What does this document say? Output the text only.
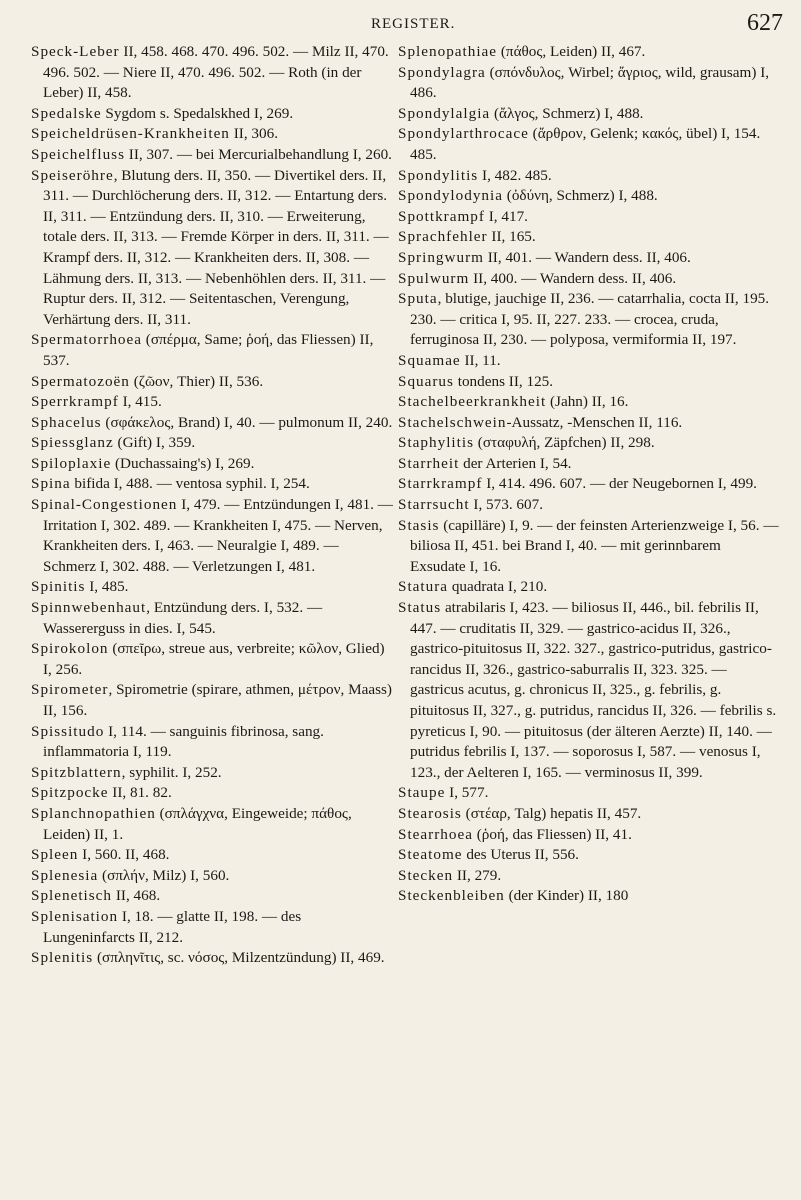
REGISTER.	627

Speck-Leber II, 458. 468. 470. 496. 502. — Milz II, 470. 496. 502. — Niere II, 470. 496. 502. — Roth (in der Leber) II, 458.

Spedalske Sygdom s. Spedalskhed I, 269.

Speicheldrüsen-Krankheiten II, 306.

Speichelfluss II, 307. — bei Mercurialbehandlung I, 260.

Speiseröhre, Blutung ders. II, 350. — Divertikel ders. II, 311. — Durchlöcherung ders. II, 312. — Entartung ders. II, 311. — Entzündung ders. II, 310. — Erweiterung, totale ders. II, 313. — Fremde Körper in ders. II, 311. — Krampf ders. II, 312. — Krankheiten ders. II, 308. — Lähmung ders. II, 313. — Nebenhöhlen ders. II, 311. — Ruptur ders. II, 312. — Seitentaschen, Verengung, Verhärtung ders. II, 311.

Spermatorrhoea (σπέρμα, Same; ῥοή, das Fliessen) II, 537.

Spermatozoën (ζῶον, Thier) II, 536.

Sperrkrampf I, 415.

Sphacelus (σφάκελος, Brand) I, 40. — pulmonum II, 240.

Spiessglanz (Gift) I, 359.

Spiloplaxie (Duchassaing's) I, 269.

Spina bifida I, 488. — ventosa syphil. I, 254.

Spinal-Congestionen I, 479. — Entzündungen I, 481. — Irritation I, 302. 489. — Krankheiten I, 475. — Nerven, Krankheiten ders. I, 463. — Neuralgie I, 489. — Schmerz I, 302. 488. — Verletzungen I, 481.

Spinitis I, 485.

Spinnwebenhaut, Entzündung ders. I, 532. — Wassererguss in dies. I, 545.

Spirokolon (σπεῖρω, streue aus, verbreite; κῶλον, Glied) I, 256.

Spirometer, Spirometrie (spirare, athmen, μέτρον, Maass) II, 156.

Spissitudo I, 114. — sanguinis fibrinosa, sang. inflammatoria I, 119.

Spitzblattern, syphilit. I, 252.

Spitzpocke II, 81. 82.

Splanchnopathien (σπλάγχνα, Eingeweide; πάθος, Leiden) II, 1.

Spleen I, 560. II, 468.

Splenesia (σπλήν, Milz) I, 560.

Splenetisch II, 468.

Splenisation I, 18. — glatte II, 198. — des Lungeninfarcts II, 212.

Splenitis (σπληνῖτις, sc. νόσος, Milzentzündung) II, 469.

Splenopathiae (πάθος, Leiden) II, 467.

Spondylagra (σπόνδυλος, Wirbel; ἄγριος, wild, grausam) I, 486.

Spondylalgia (ἄλγος, Schmerz) I, 488.

Spondylarthrocace (ἄρθρον, Gelenk; κακός, übel) I, 154. 485.

Spondylitis I, 482. 485.

Spondylodynia (ὀδύνη, Schmerz) I, 488.

Spottkrampf I, 417.

Sprachfehler II, 165.

Springwurm II, 401. — Wandern dess. II, 406.

Spulwurm II, 400. — Wandern dess. II, 406.

Sputa, blutige, jauchige II, 236. — catarrhalia, cocta II, 195. 230. — critica I, 95. II, 227. 233. — crocea, cruda, ferruginosa II, 230. — polyposa, vermiformia II, 197.

Squamae II, 11.

Squarus tondens II, 125.

Stachelbeerkrankheit (Jahn) II, 16.

Stachelschwein-Aussatz, -Menschen II, 116.

Staphylitis (σταφυλή, Zäpfchen) II, 298.

Starrheit der Arterien I, 54.

Starrkrampf I, 414. 496. 607. — der Neugebornen I, 499.

Starrsucht I, 573. 607.

Stasis (capilläre) I, 9. — der feinsten Arterienzweige I, 56. — biliosa II, 451. bei Brand I, 40. — mit gerinnbarem Exsudate I, 16.

Statura quadrata I, 210.

Status atrabilaris I, 423. — biliosus II, 446., bil. febrilis II, 447. — cruditatis II, 329. — gastrico-acidus II, 326., gastrico-pituitosus II, 322. 327., gastrico-putridus, gastrico-rancidus II, 326., gastrico-saburralis II, 323. 325. — gastricus acutus, g. chronicus II, 325., g. febrilis, g. pituitosus II, 327., g. putridus, rancidus II, 326. — febrilis s. pyreticus I, 90. — pituitosus (der älteren Aerzte) II, 140. — putridus febrilis I, 137. — soporosus I, 587. — venosus I, 123., der Aelteren I, 165. — verminosus II, 399.

Staupe I, 577.

Stearosis (στέαρ, Talg) hepatis II, 457.

Stearrhoea (ῥοή, das Fliessen) II, 41.

Steatome des Uterus II, 556.

Stecken II, 279.

Steckenbleiben (der Kinder) II, 180
